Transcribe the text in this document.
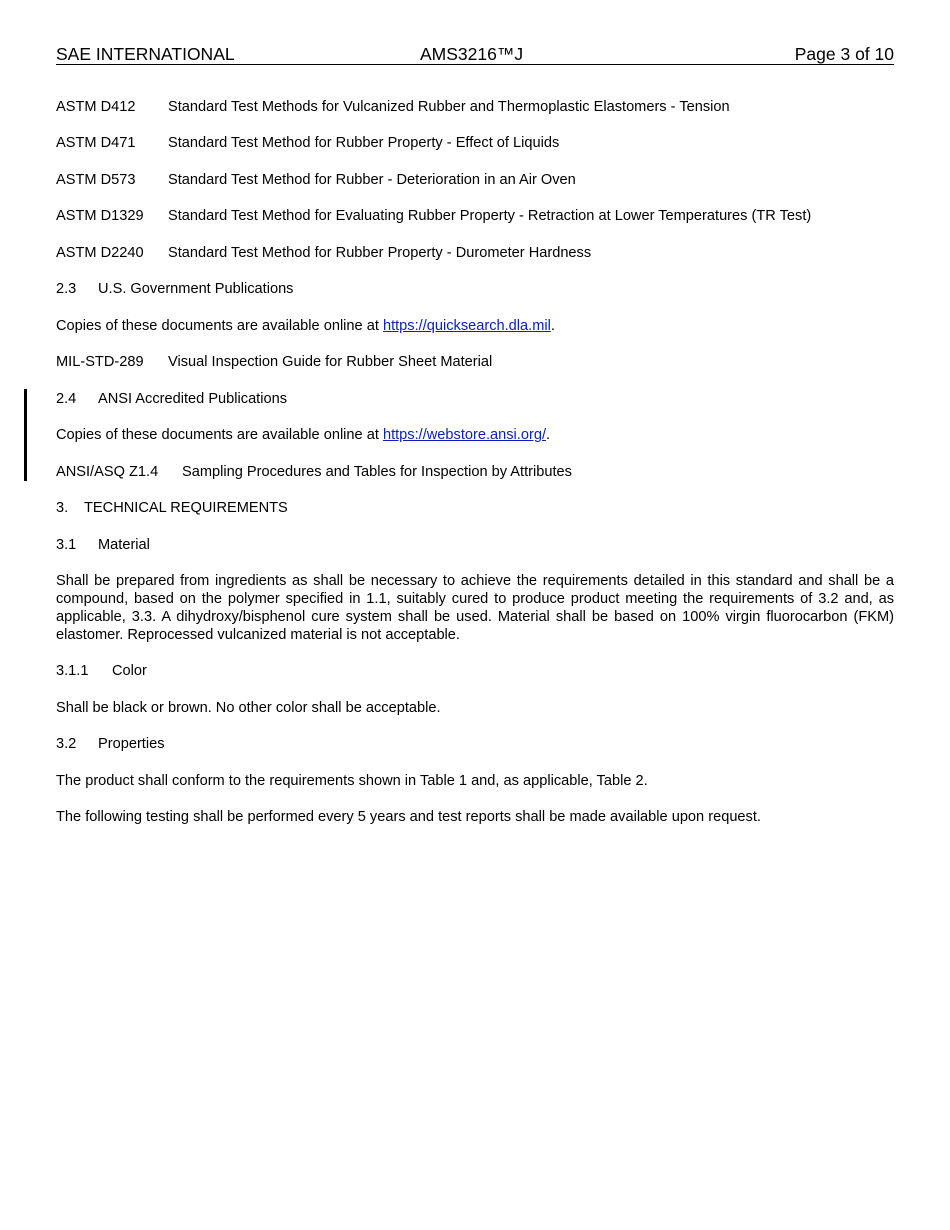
SAE INTERNATIONAL	AMS3216™J	Page 3 of 10
ASTM D412 Standard Test Methods for Vulcanized Rubber and Thermoplastic Elastomers - Tension
ASTM D471 Standard Test Method for Rubber Property - Effect of Liquids
ASTM D573 Standard Test Method for Rubber - Deterioration in an Air Oven
ASTM D1329 Standard Test Method for Evaluating Rubber Property - Retraction at Lower Temperatures (TR Test)
ASTM D2240 Standard Test Method for Rubber Property - Durometer Hardness
2.3 U.S. Government Publications
Copies of these documents are available online at https://quicksearch.dla.mil.
MIL-STD-289 Visual Inspection Guide for Rubber Sheet Material
2.4 ANSI Accredited Publications
Copies of these documents are available online at https://webstore.ansi.org/.
ANSI/ASQ Z1.4 Sampling Procedures and Tables for Inspection by Attributes
3. TECHNICAL REQUIREMENTS
3.1 Material
Shall be prepared from ingredients as shall be necessary to achieve the requirements detailed in this standard and shall be a compound, based on the polymer specified in 1.1, suitably cured to produce product meeting the requirements of 3.2 and, as applicable, 3.3. A dihydroxy/bisphenol cure system shall be used. Material shall be based on 100% virgin fluorocarbon (FKM) elastomer. Reprocessed vulcanized material is not acceptable.
3.1.1 Color
Shall be black or brown. No other color shall be acceptable.
3.2 Properties
The product shall conform to the requirements shown in Table 1 and, as applicable, Table 2.
The following testing shall be performed every 5 years and test reports shall be made available upon request.
